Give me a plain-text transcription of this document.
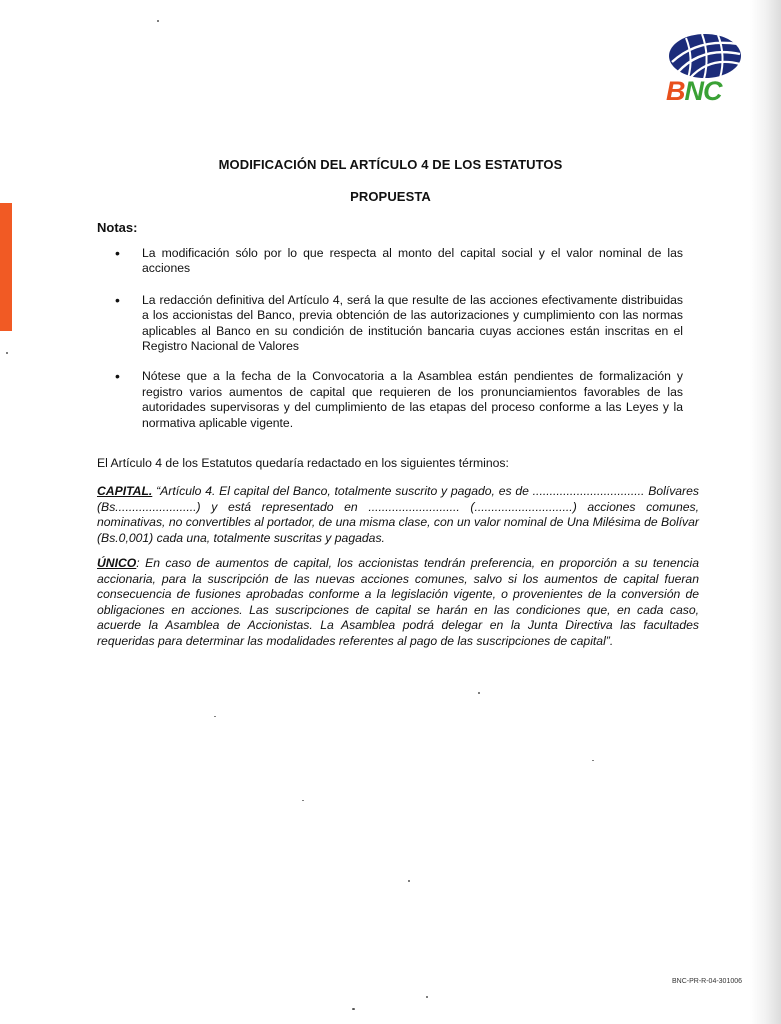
BNC
MODIFICACIÓN DEL ARTÍCULO 4 DE LOS ESTATUTOS
PROPUESTA
Notas:
• La modificación sólo por lo que respecta al monto del capital social y el valor nominal de las acciones
• La redacción definitiva del Artículo 4, será la que resulte de las acciones efectivamente distribuidas a los accionistas del Banco, previa obtención de las autorizaciones y cumplimiento con las normas aplicables al Banco en su condición de institución bancaria cuyas acciones están inscritas en el Registro Nacional de Valores
• Nótese que a la fecha de la Convocatoria a la Asamblea están pendientes de formalización y registro varios aumentos de capital que requieren de los pronunciamientos favorables de las autoridades supervisoras y del cumplimiento de las etapas del proceso conforme a las Leyes y la normativa aplicable vigente.

El Artículo 4 de los Estatutos quedaría redactado en los siguientes términos:

CAPITAL. “Artículo 4. El capital del Banco, totalmente suscrito y pagado, es de ................................. Bolívares (Bs........................) y está representado en ........................... (.............................) acciones comunes, nominativas, no convertibles al portador, de una misma clase, con un valor nominal de Una Milésima de Bolívar (Bs.0,001) cada una, totalmente suscritas y pagadas.

ÚNICO: En caso de aumentos de capital, los accionistas tendrán preferencia, en proporción a su tenencia accionaria, para la suscripción de las nuevas acciones comunes, salvo si los aumentos de capital fueran consecuencia de fusiones aprobadas conforme a la legislación vigente, o provenientes de la conversión de obligaciones en acciones. Las suscripciones de capital se harán en las condiciones que, en cada caso, acuerde la Asamblea de Accionistas. La Asamblea podrá delegar en la Junta Directiva las facultades requeridas para determinar las modalidades referentes al pago de las suscripciones de capital”.

BNC-PR-R-04-301006
